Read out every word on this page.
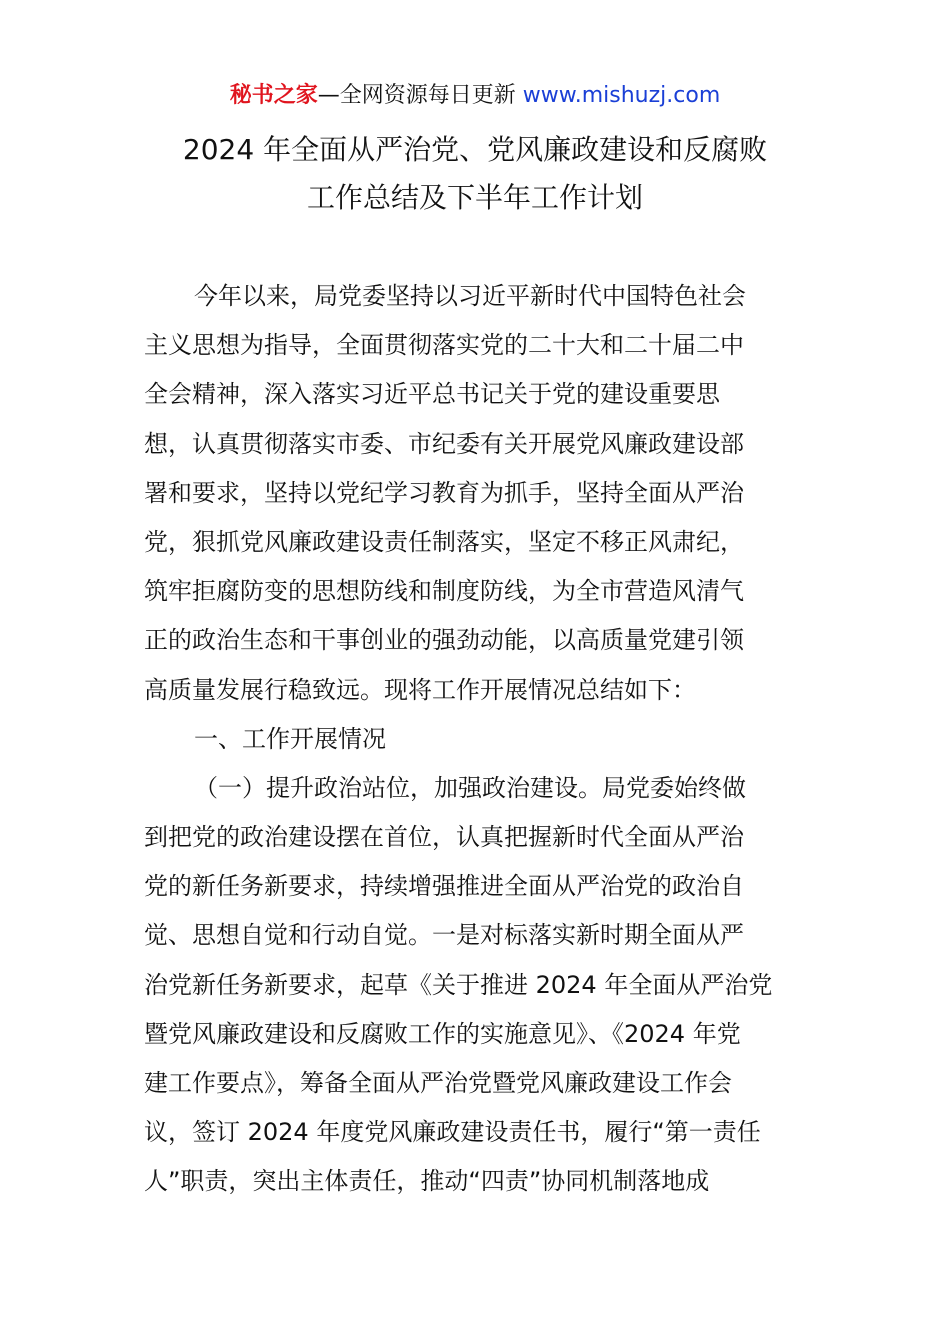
秘书之家—全网资源每日更新 www.mishuzj.com
2024 年全面从严治党、党风廉政建设和反腐败
工作总结及下半年工作计划
今年以来，局党委坚持以习近平新时代中国特色社会
主义思想为指导，全面贯彻落实党的二十大和二十届二中
全会精神，深入落实习近平总书记关于党的建设重要思
想，认真贯彻落实市委、市纪委有关开展党风廉政建设部
署和要求，坚持以党纪学习教育为抓手，坚持全面从严治
党，狠抓党风廉政建设责任制落实，坚定不移正风肃纪，
筑牢拒腐防变的思想防线和制度防线，为全市营造风清气
正的政治生态和干事创业的强劲动能，以高质量党建引领
高质量发展行稳致远。现将工作开展情况总结如下：
一、工作开展情况
（一）提升政治站位，加强政治建设。局党委始终做
到把党的政治建设摆在首位，认真把握新时代全面从严治
党的新任务新要求，持续增强推进全面从严治党的政治自
觉、思想自觉和行动自觉。一是对标落实新时期全面从严
治党新任务新要求，起草《关于推进 2024 年全面从严治党
暨党风廉政建设和反腐败工作的实施意见》、《2024 年党
建工作要点》，筹备全面从严治党暨党风廉政建设工作会
议，签订 2024 年度党风廉政建设责任书，履行“第一责任
人”职责，突出主体责任，推动“四责”协同机制落地成
